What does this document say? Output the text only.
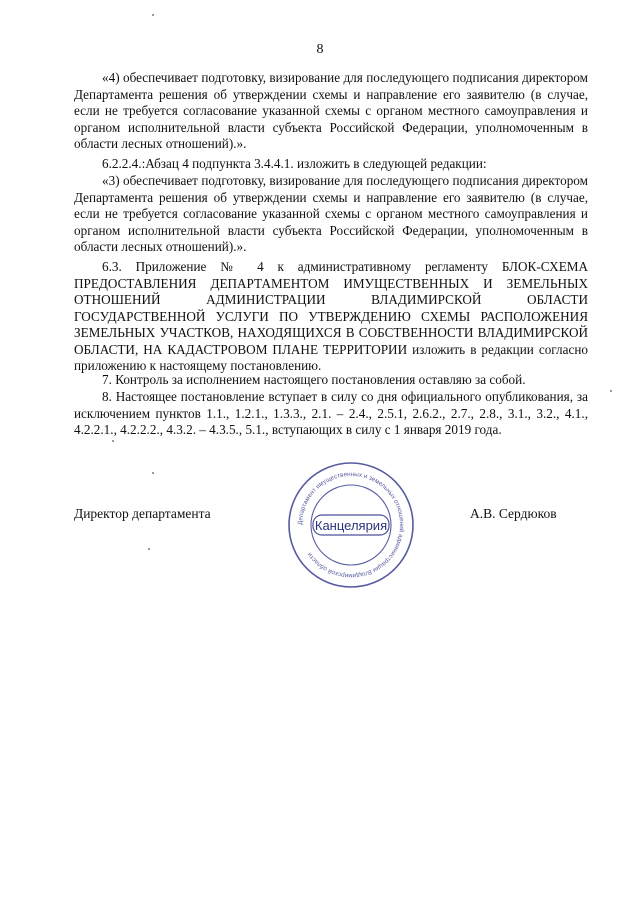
8

«4) обеспечивает подготовку, визирование для последующего подписания директором Департамента решения об утверждении схемы и направление его заявителю (в случае, если не требуется согласование указанной схемы с органом местного самоуправления и органом исполнительной власти субъекта Российской Федерации, уполномоченным в области лесных отношений).».

6.2.2.4.:Абзац 4 подпункта 3.4.4.1. изложить в следующей редакции:

«3) обеспечивает подготовку, визирование для последующего подписания директором Департамента решения об утверждении схемы и направление его заявителю (в случае, если не требуется согласование указанной схемы с органом местного самоуправления и органом исполнительной власти субъекта Российской Федерации, уполномоченным в области лесных отношений).».

6.3. Приложение № 4 к административному регламенту БЛОК-СХЕМА ПРЕДОСТАВЛЕНИЯ ДЕПАРТАМЕНТОМ ИМУЩЕСТВЕННЫХ И ЗЕМЕЛЬНЫХ ОТНОШЕНИЙ АДМИНИСТРАЦИИ ВЛАДИМИРСКОЙ ОБЛАСТИ ГОСУДАРСТВЕННОЙ УСЛУГИ ПО УТВЕРЖДЕНИЮ СХЕМЫ РАСПОЛОЖЕНИЯ ЗЕМЕЛЬНЫХ УЧАСТКОВ, НАХОДЯЩИХСЯ В СОБСТВЕННОСТИ ВЛАДИМИРСКОЙ ОБЛАСТИ, НА КАДАСТРОВОМ ПЛАНЕ ТЕРРИТОРИИ изложить в редакции согласно приложению к настоящему постановлению.

7. Контроль за исполнением настоящего постановления оставляю за собой.

8. Настоящее постановление вступает в силу со дня официального опубликования, за исключением пунктов 1.1., 1.2.1., 1.3.3., 2.1. – 2.4., 2.5.1, 2.6.2., 2.7., 2.8., 3.1., 3.2., 4.1., 4.2.2.1., 4.2.2.2., 4.3.2. – 4.3.5., 5.1., вступающих в силу с 1 января 2019 года.

Директор департамента
Департамент имущественных и земельных отношений администрации Владимирской области
Канцелярия
А.В. Сердюков
